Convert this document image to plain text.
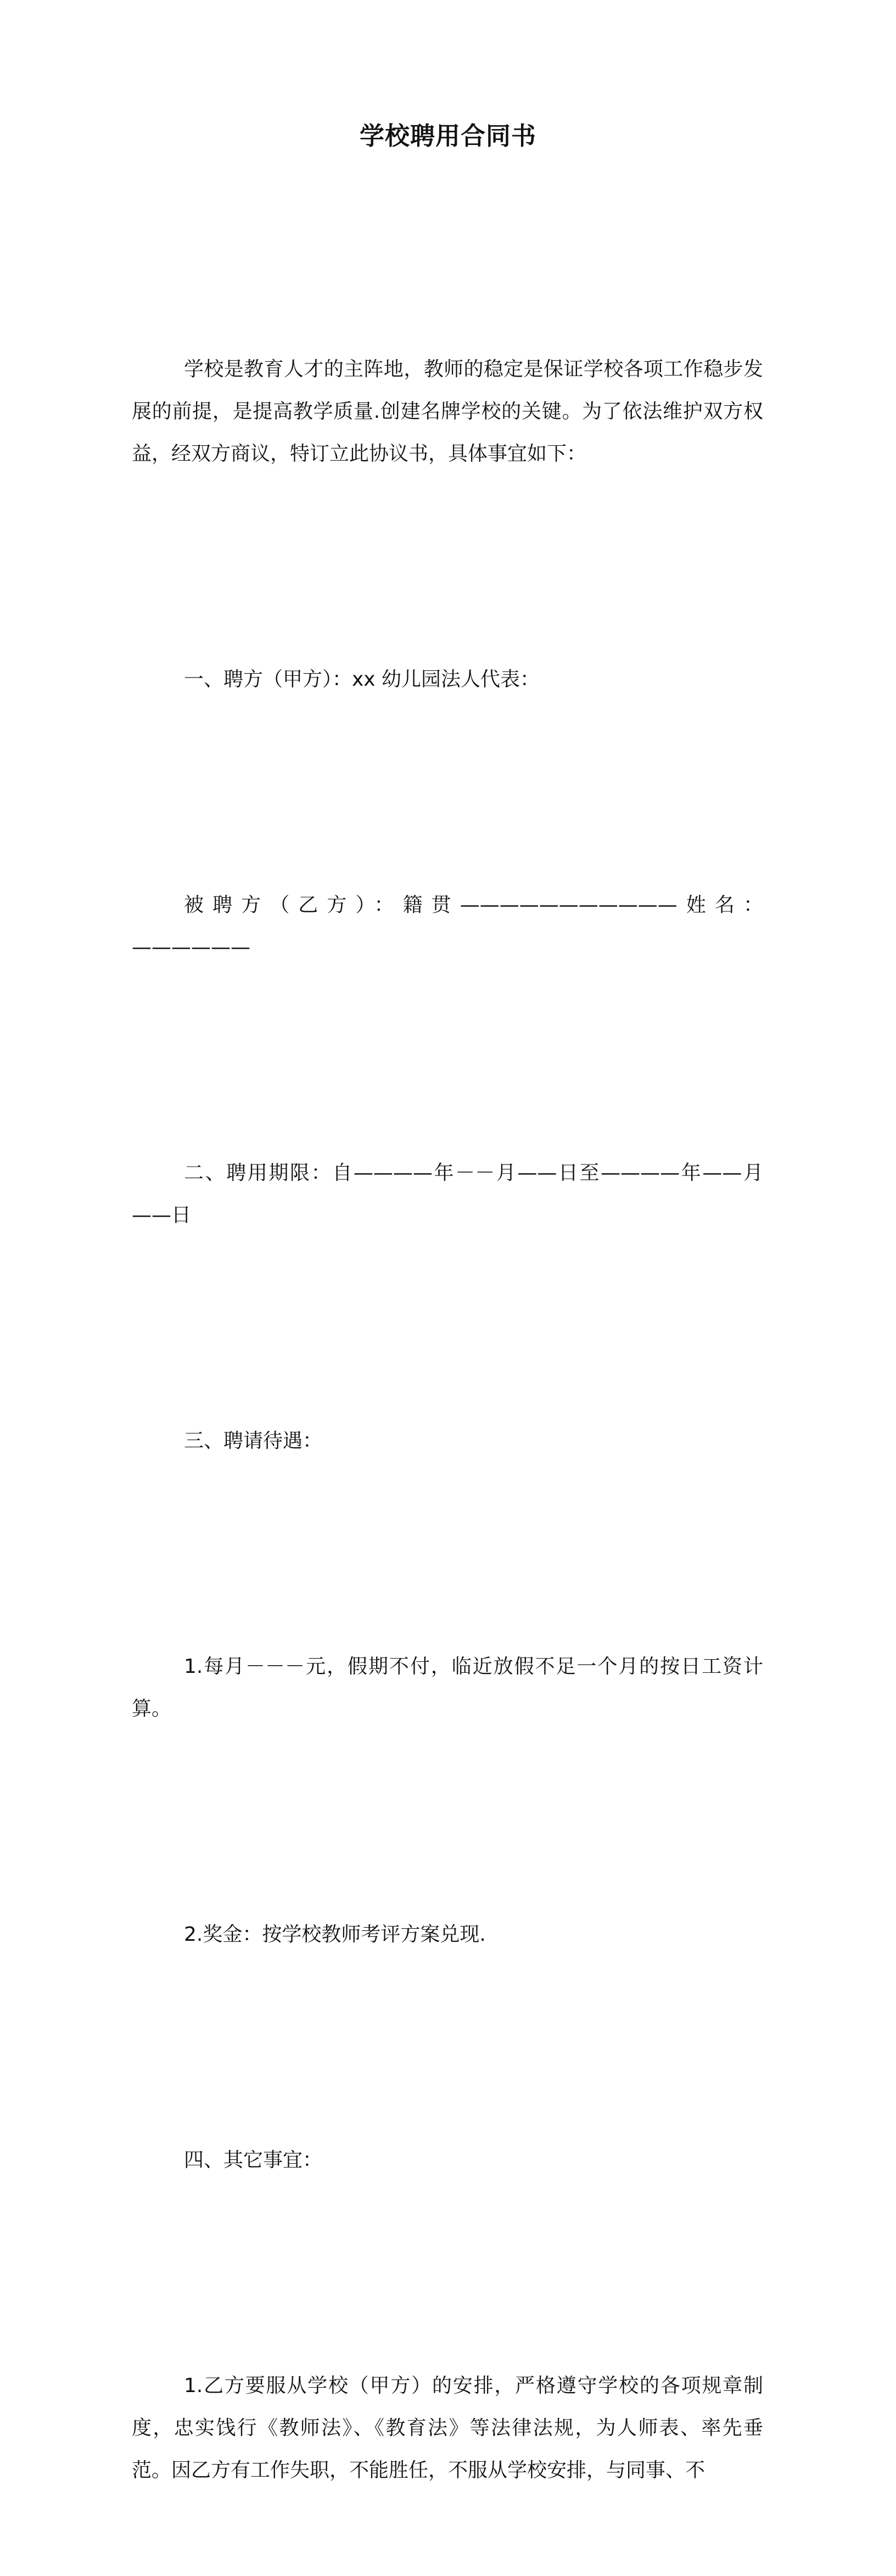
学校聘用合同书

学校是教育人才的主阵地，教师的稳定是保证学校各项工作稳步发展的前提，是提高教学质量.创建名牌学校的关键。为了依法维护双方权益，经双方商议，特订立此协议书，具体事宜如下：

一、聘方（甲方）：xx 幼儿园法人代表：

被聘方（乙方）：籍贯———————————姓名：——————

二、聘用期限：自————年－－月——日至————年——月——日

三、聘请待遇：

1.每月－－－元，假期不付，临近放假不足一个月的按日工资计算。

2.奖金：按学校教师考评方案兑现.

四、其它事宜：

1.乙方要服从学校（甲方）的安排，严格遵守学校的各项规章制度，忠实饯行《教师法》、《教育法》等法律法规，为人师表、率先垂范。因乙方有工作失职，不能胜任，不服从学校安排，与同事、不
